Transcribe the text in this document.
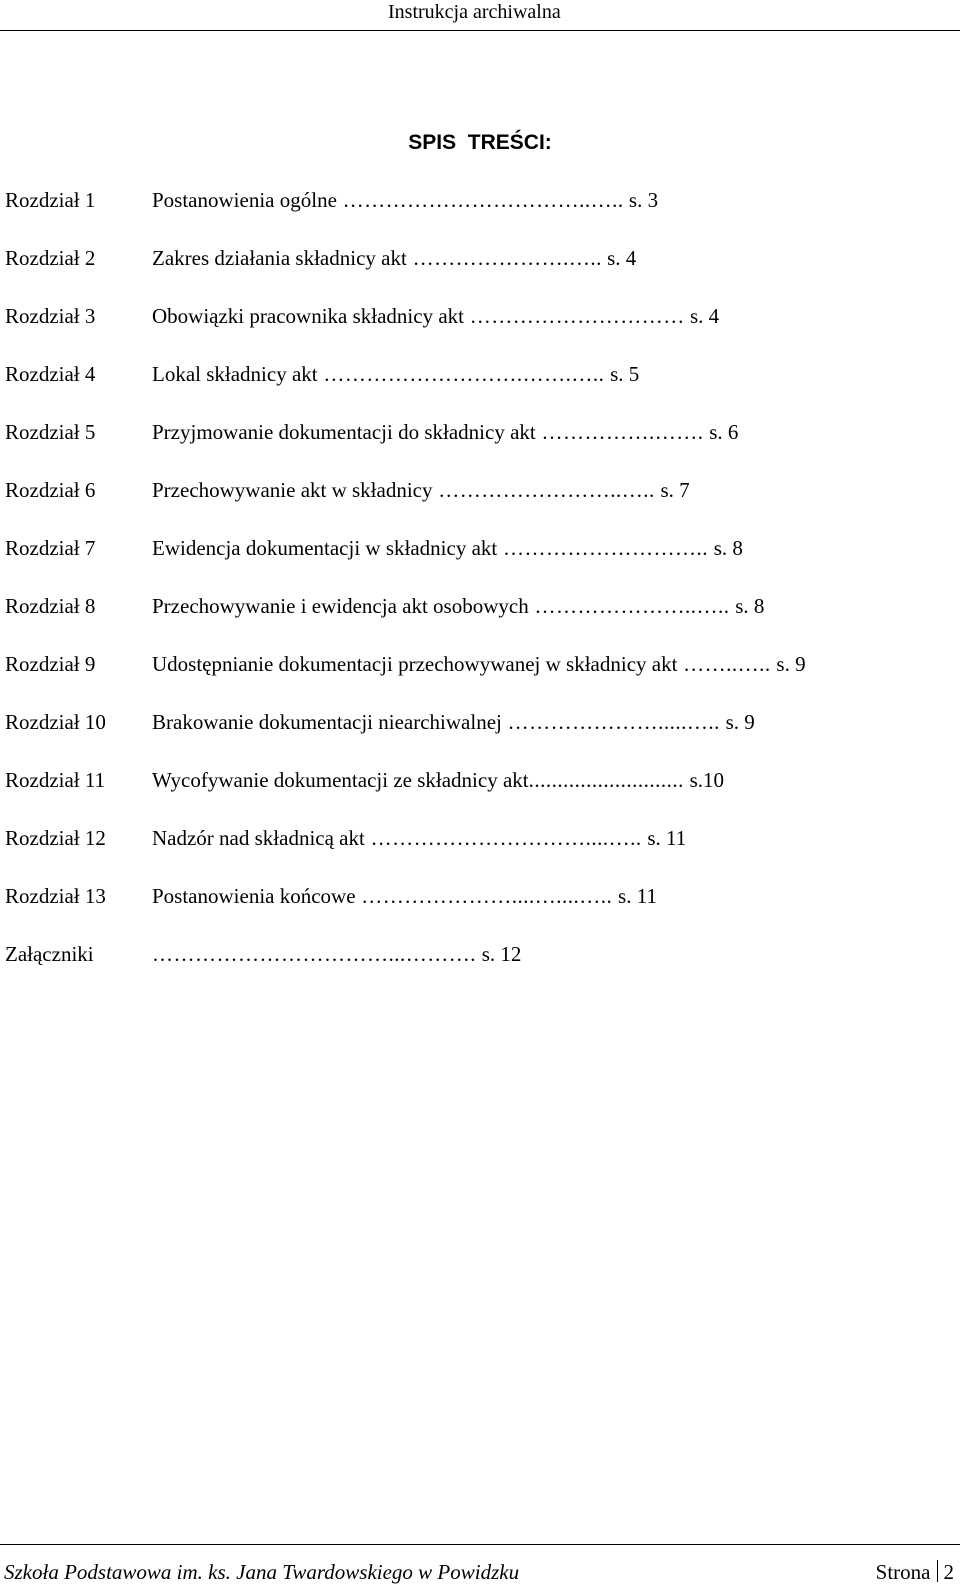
Instrukcja archiwalna
SPIS TREŚCI:
Rozdział 1	Postanowienia ogólne ……………………………..….. s. 3
Rozdział 2	Zakres działania składnicy akt ………………….….. s. 4
Rozdział 3	Obowiązki pracownika składnicy akt ………………………… s. 4
Rozdział 4	Lokal składnicy akt ……………………….…….….. s. 5
Rozdział 5	Przyjmowanie dokumentacji do składnicy akt …………….……. s. 6
Rozdział 6	Przechowywanie akt w składnicy ……………………..….. s. 7
Rozdział 7	Ewidencja dokumentacji w składnicy akt ……………………….. s. 8
Rozdział 8	Przechowywanie i ewidencja akt osobowych …………………..….. s. 8
Rozdział 9	Udostępnianie dokumentacji przechowywanej w składnicy akt ……..….. s. 9
Rozdział 10 Brakowanie dokumentacji niearchiwalnej ………………….....….. s. 9
Rozdział 11 Wycofywanie dokumentacji ze składnicy akt........................... s.10
Rozdział 12 Nadzór nad składnicą akt …………………………....….. s. 11
Rozdział 13 Postanowienia końcowe …………………....…....….. s. 11
Załączniki	……………………………...………. s. 12
Szkoła Podstawowa im. ks. Jana Twardowskiego w Powidzku	Strona 2
